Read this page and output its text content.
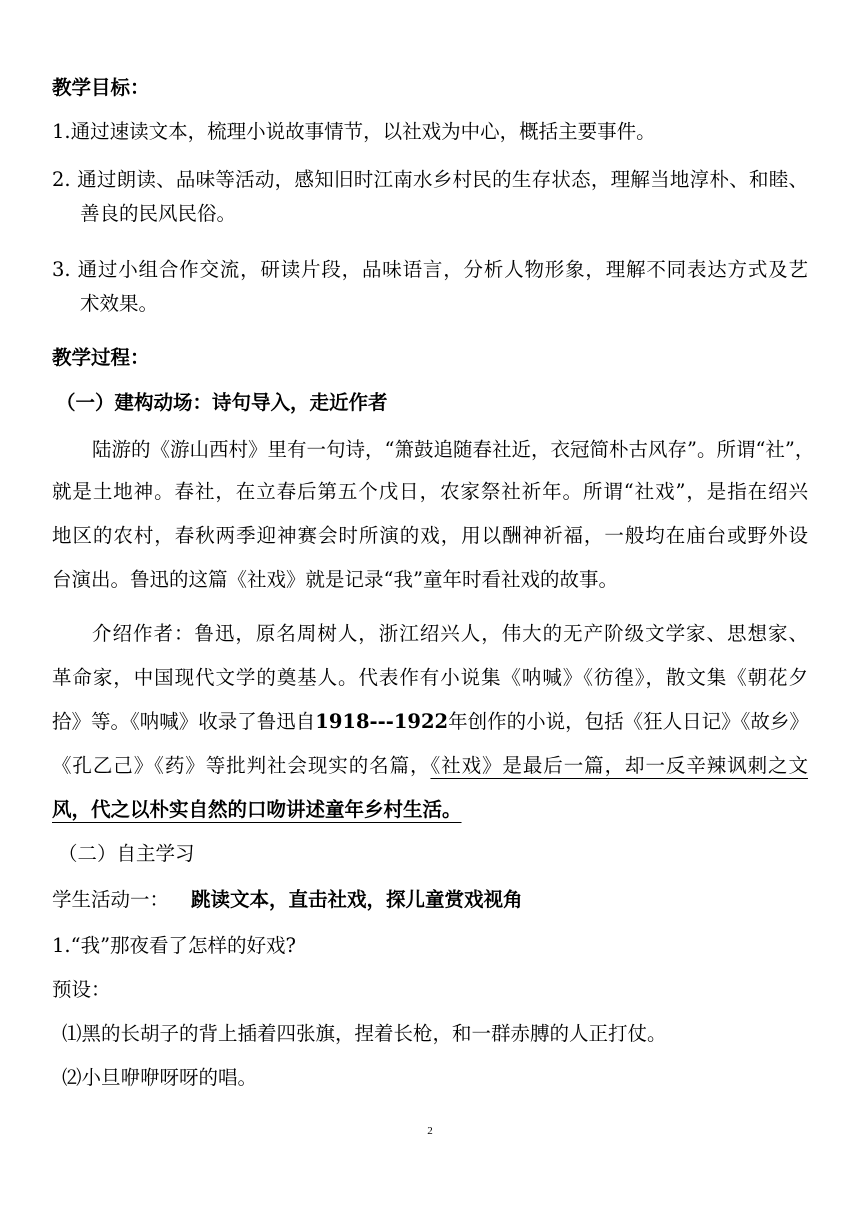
教学目标：
1.通过速读文本，梳理小说故事情节，以社戏为中心，概括主要事件。
2. 通过朗读、品味等活动，感知旧时江南水乡村民的生存状态，理解当地淳朴、和睦、
善良的民风民俗。
3. 通过小组合作交流，研读片段，品味语言，分析人物形象，理解不同表达方式及艺
术效果。
教学过程：
（一）建构动场：诗句导入，走近作者
陆游的《游山西村》里有一句诗，“箫鼓追随春社近，衣冠简朴古风存”。所谓“社”，
就是土地神。春社，在立春后第五个戊日，农家祭社祈年。所谓“社戏”，是指在绍兴
地区的农村，春秋两季迎神赛会时所演的戏，用以酬神祈福，一般均在庙台或野外设
台演出。鲁迅的这篇《社戏》就是记录“我”童年时看社戏的故事。
介绍作者：鲁迅，原名周树人，浙江绍兴人，伟大的无产阶级文学家、思想家、
革命家，中国现代文学的奠基人。代表作有小说集《呐喊》《彷徨》，散文集《朝花夕
拾》等。《呐喊》收录了鲁迅自1918---1922年创作的小说，包括《狂人日记》《故乡》
《孔乙己》《药》等批判社会现实的名篇，《社戏》是最后一篇，却一反辛辣讽刺之文
风，代之以朴实自然的口吻讲述童年乡村生活。
（二）自主学习
学生活动一： 跳读文本，直击社戏，探儿童赏戏视角
1.“我”那夜看了怎样的好戏?
预设：
⑴黑的长胡子的背上插着四张旗，捏着长枪，和一群赤膊的人正打仗。
⑵小旦咿咿呀呀的唱。
2
